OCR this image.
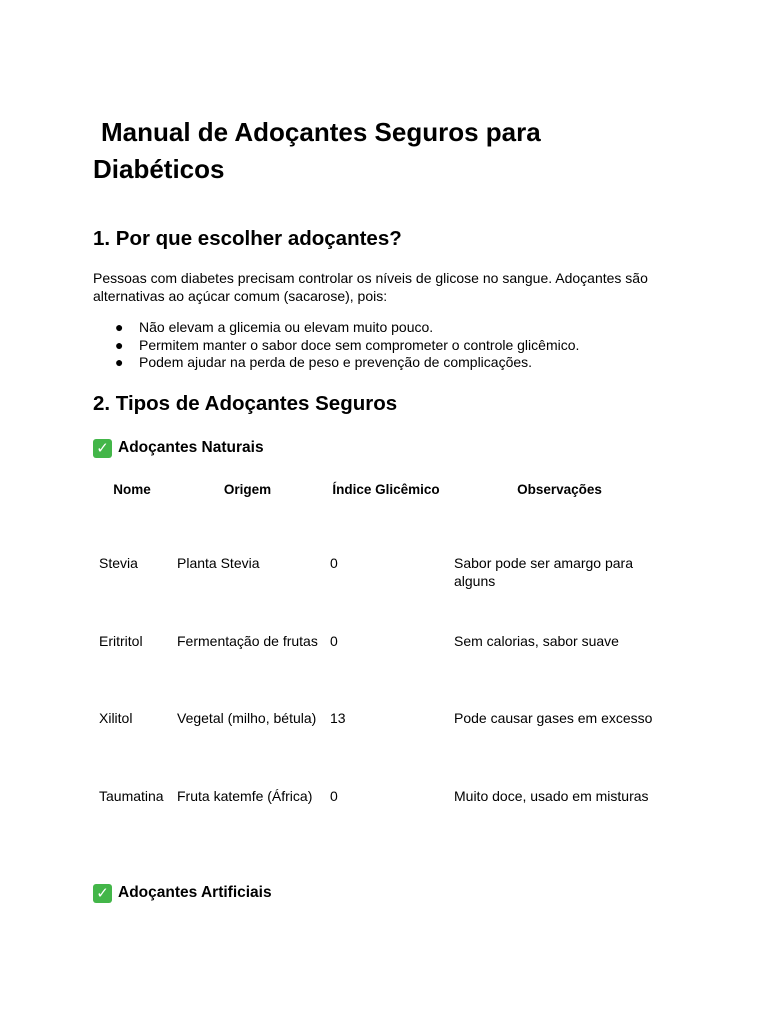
Manual de Adoçantes Seguros para Diabéticos
1. Por que escolher adoçantes?

Pessoas com diabetes precisam controlar os níveis de glicose no sangue. Adoçantes são alternativas ao açúcar comum (sacarose), pois:

● Não elevam a glicemia ou elevam muito pouco.
● Permitem manter o sabor doce sem comprometer o controle glicêmico.
● Podem ajudar na perda de peso e prevenção de complicações.
2. Tipos de Adoçantes Seguros
✓ Adoçantes Naturais
Nome	Origem	Índice Glicêmico	Observações
Stevia	Planta Stevia	0	Sabor pode ser amargo para alguns
Eritritol	Fermentação de frutas	0	Sem calorias, sabor suave
Xilitol	Vegetal (milho, bétula)	13	Pode causar gases em excesso
Taumatina	Fruta katemfe (África)	0	Muito doce, usado em misturas
✓ Adoçantes Artificiais
